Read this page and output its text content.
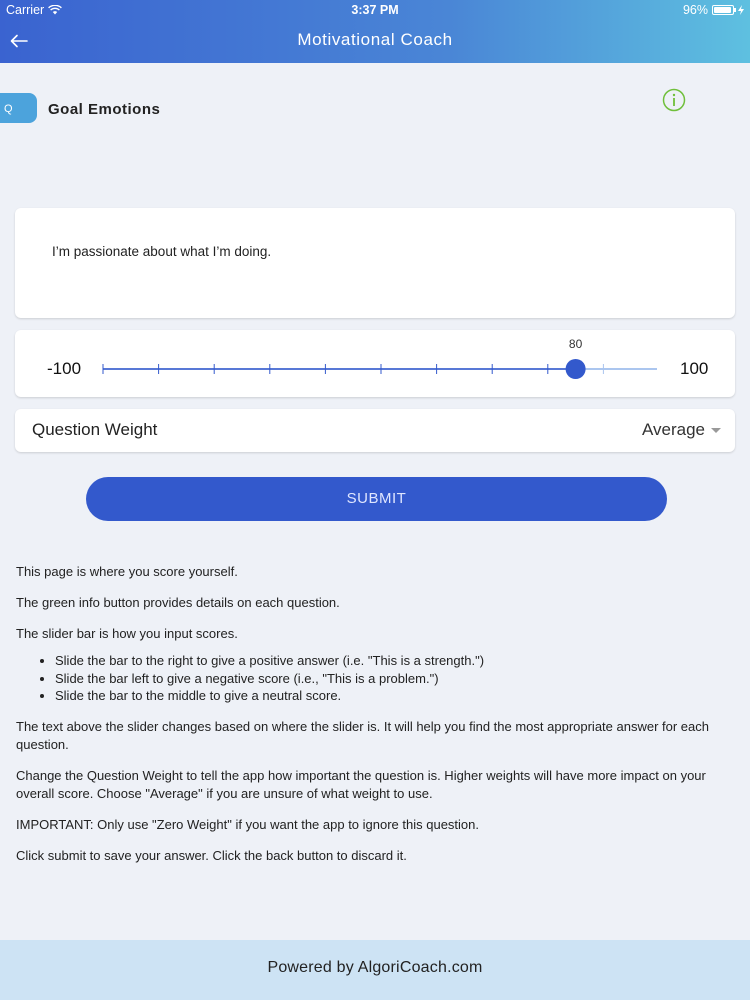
Carrier	3:37 PM	96%
Motivational Coach
Q	Goal Emotions
I’m passionate about what I’m doing.
-100
80
100
Question Weight	Average
SUBMIT

This page is where you score yourself.

The green info button provides details on each question.

The slider bar is how you input scores.

• Slide the bar to the right to give a positive answer (i.e. "This is a strength.")
• Slide the bar left to give a negative score (i.e., "This is a problem.")
• Slide the bar to the middle to give a neutral score.

The text above the slider changes based on where the slider is. It will help you find the most appropriate answer for each question.

Change the Question Weight to tell the app how important the question is. Higher weights will have more impact on your overall score. Choose "Average" if you are unsure of what weight to use.

IMPORTANT: Only use "Zero Weight" if you want the app to ignore this question.

Click submit to save your answer. Click the back button to discard it.

Powered by AlgoriCoach.com
